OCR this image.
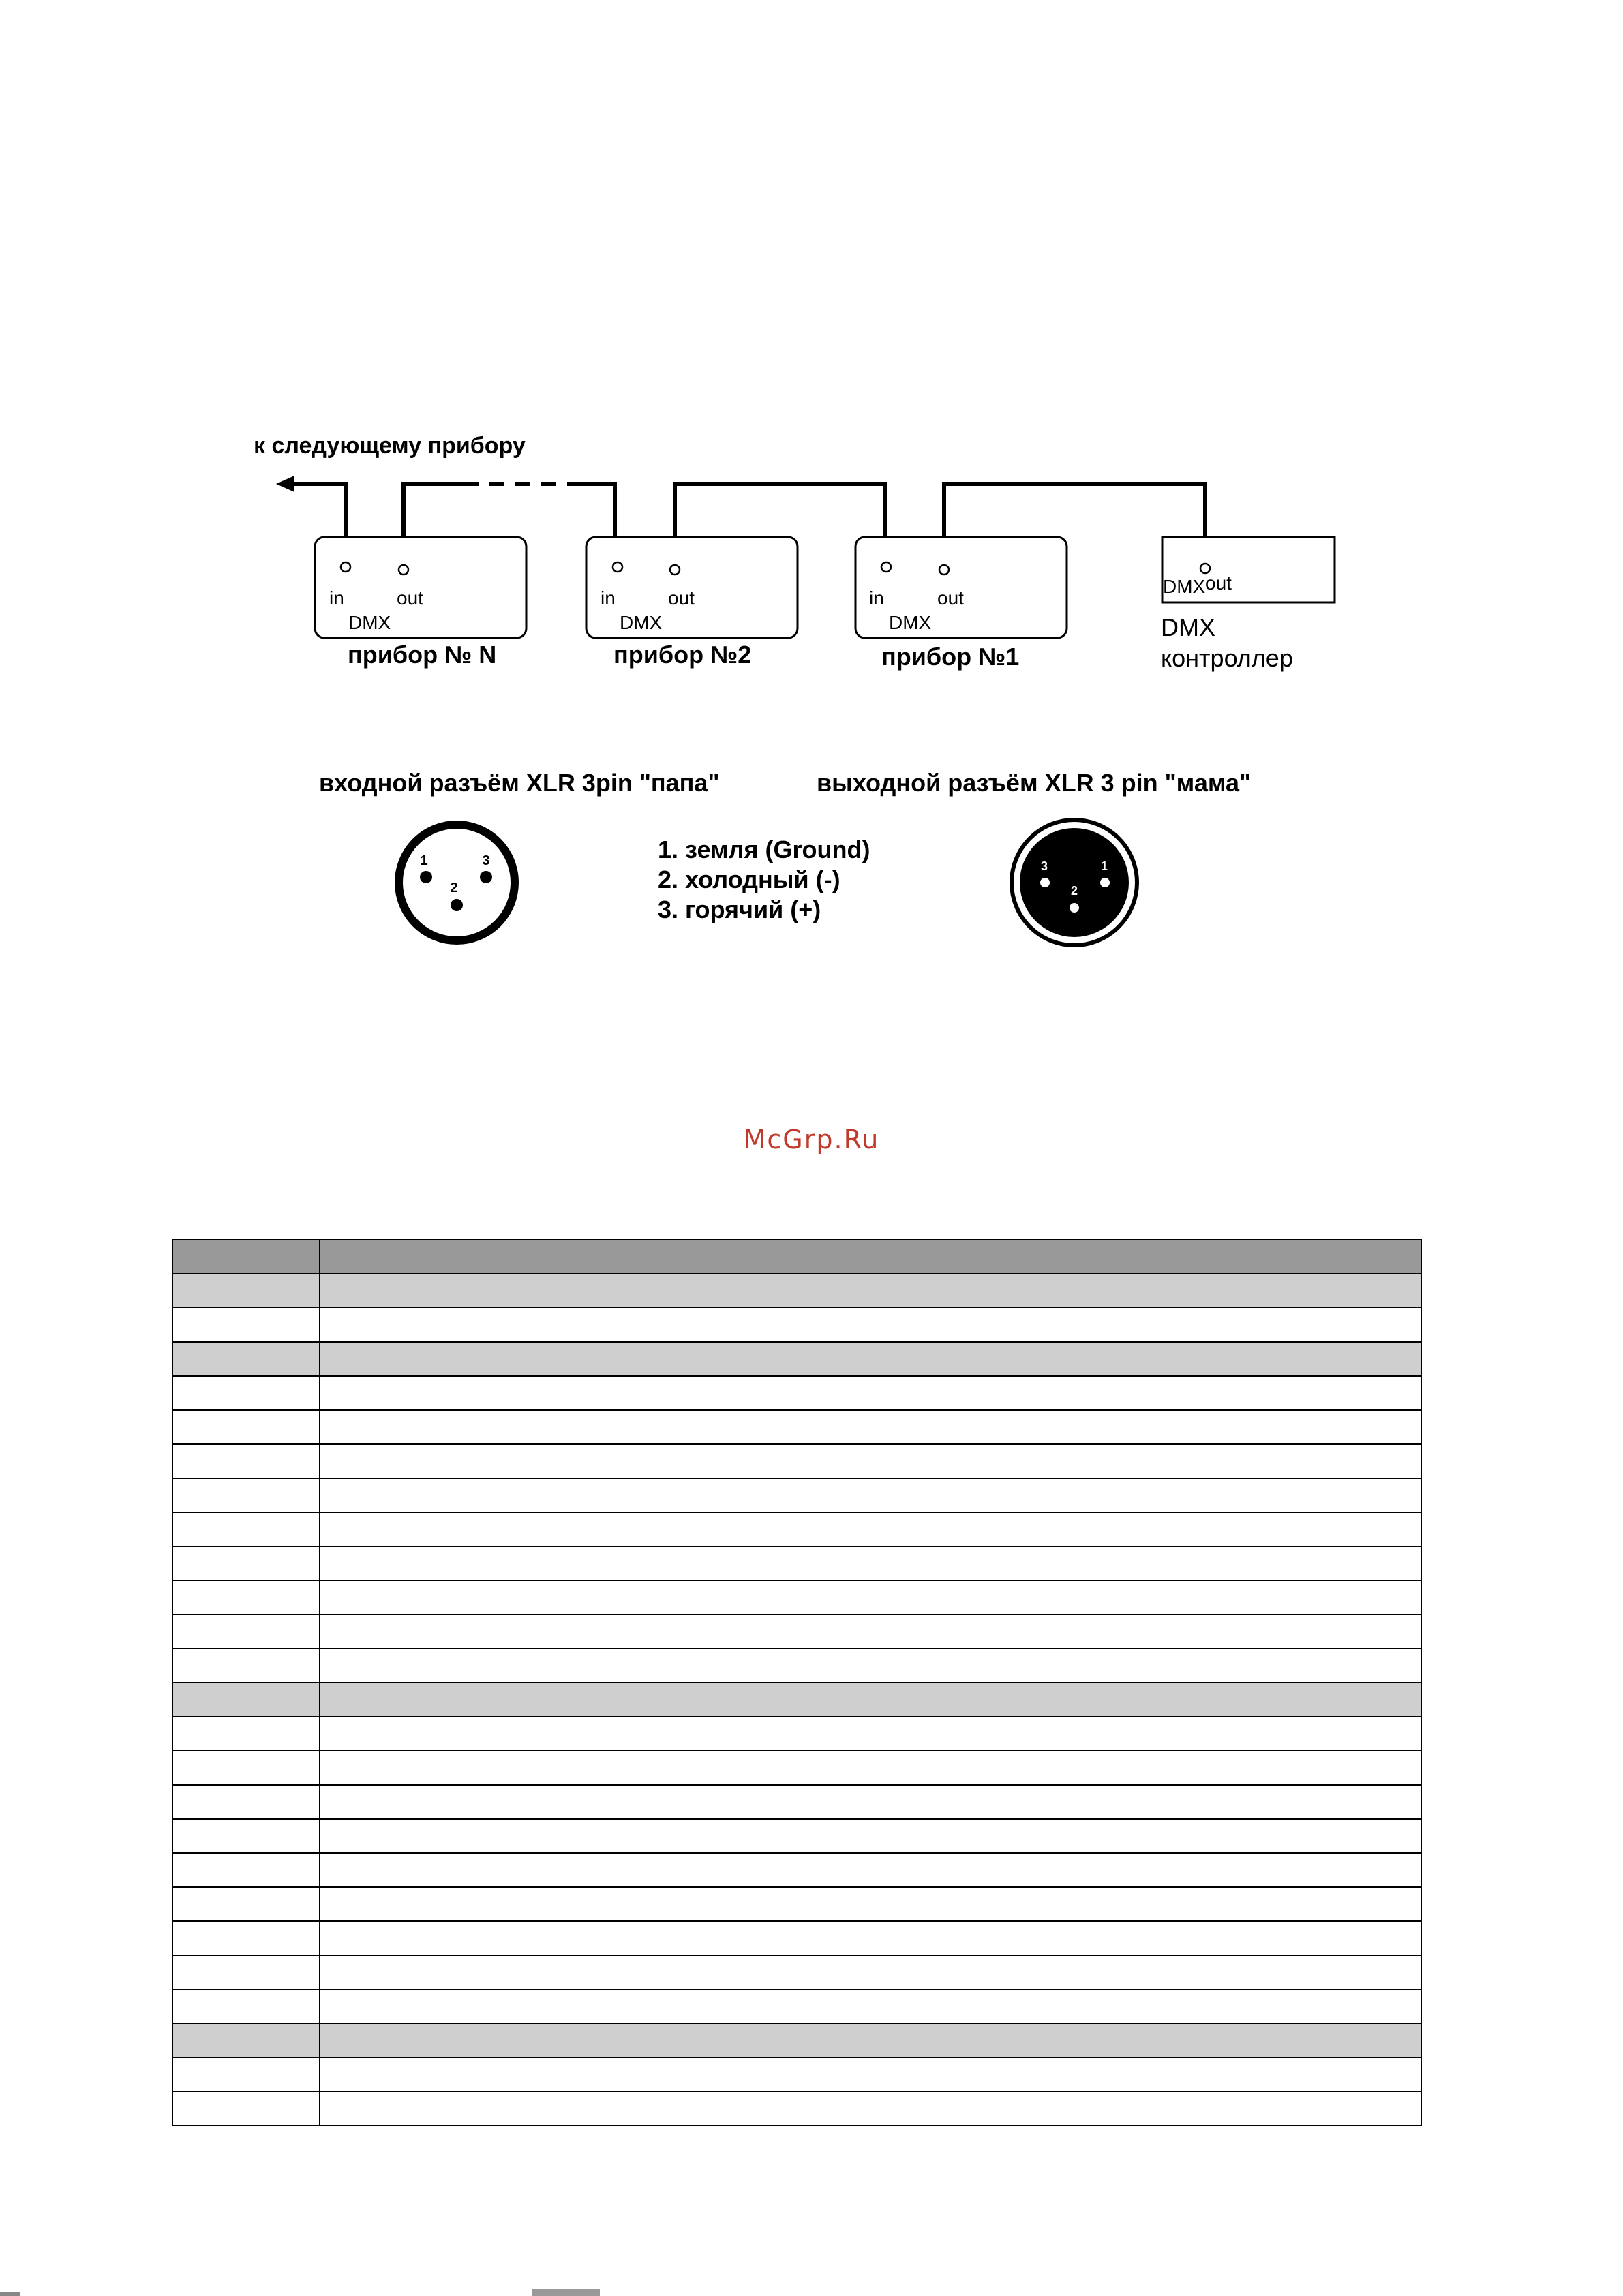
к следующему прибору
in	out
DMX
прибор № N
in	out
DMX
прибор №2
in	out
DMX
прибор №1
DMX out
DMX
контроллер
входной разъём XLR 3pin "папа"	выходной разъём XLR 3 pin "мама"
1
2
3	1. земля (Ground)
2. холодный (-)
3. горячий (+)
3	1
2
McGrp.Ru
